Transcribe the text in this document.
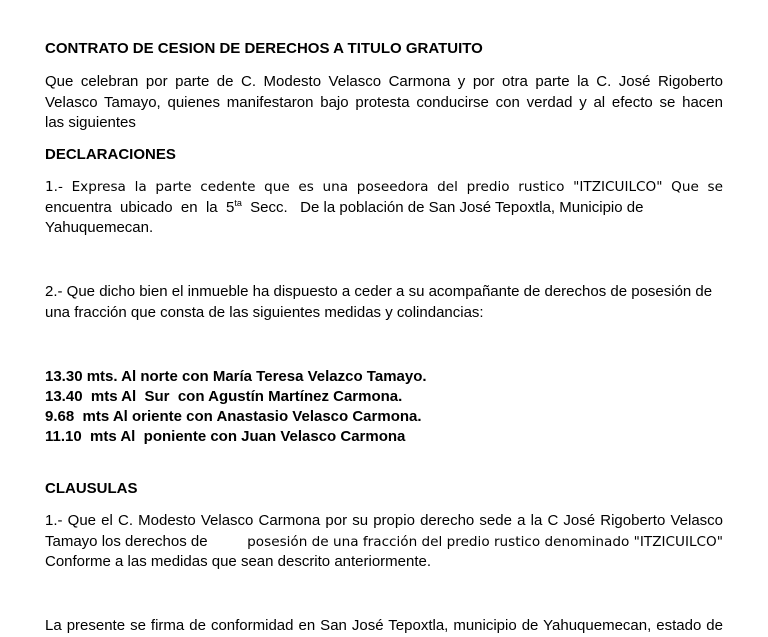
CONTRATO DE CESION DE DERECHOS A TITULO GRATUITO
Que celebran por parte de C. Modesto Velasco Carmona y por otra parte la C. José Rigoberto
Velasco Tamayo, quienes manifestaron bajo protesta conducirse con verdad y al efecto se hacen
las siguientes
DECLARACIONES
1.- Expresa la parte cedente que es una poseedora del predio rustico "ITZICUILCO" Que se
encuentra  ubicado  en  la  $5^{ta}$  Secc.   De la población de San José Tepoxtla, Municipio de
Yahuquemecan.
2.- Que dicho bien el inmueble ha dispuesto a ceder a su acompañante de derechos de posesión de
una fracción que consta de las siguientes medidas y colindancias:
13.30 mts. Al norte con María Teresa Velazco Tamayo.
13.40  mts Al  Sur  con Agustín Martínez Carmona.
9.68  mts Al oriente con Anastasio Velasco Carmona.
11.10  mts Al  poniente con Juan Velasco Carmona
CLAUSULAS
1.- Que el C. Modesto Velasco Carmona por su propio derecho sede a la C José Rigoberto Velasco
Tamayo los derechos de	posesión de una fracción del predio rustico denominado "ITZICUILCO"
Conforme a las medidas que sean descrito anteriormente.
La presente se firma de conformidad en San José Tepoxtla, municipio de Yahuquemecan, estado de
